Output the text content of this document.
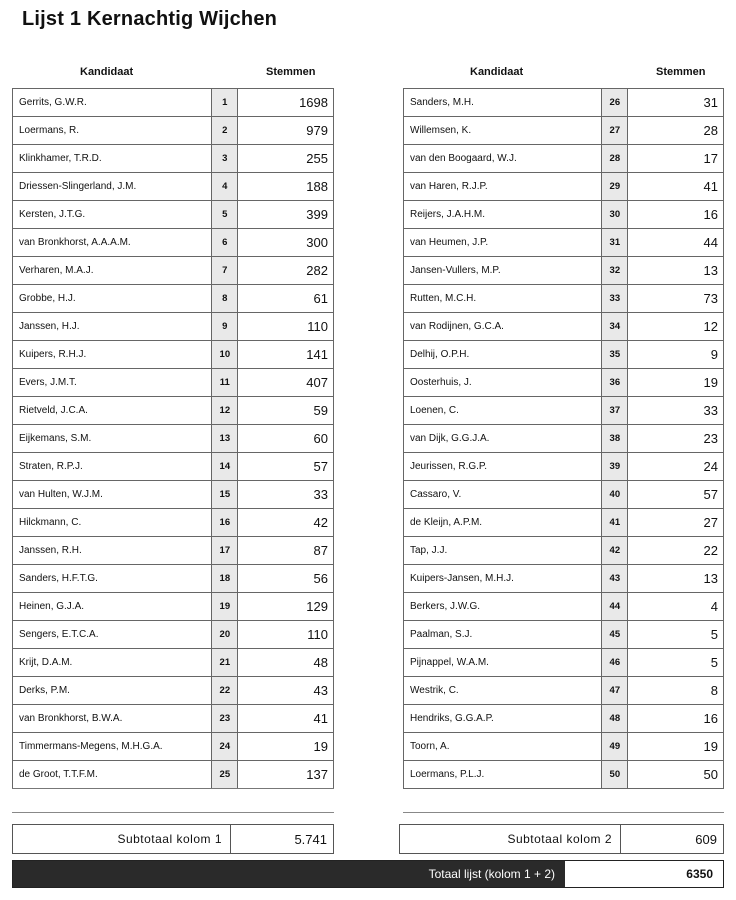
Lijst 1 Kernachtig Wijchen
Kandidaat	Stemmen	Kandidaat	Stemmen
Gerrits, G.W.R.	1	1698
Loermans, R.	2	979
Klinkhamer, T.R.D.	3	255
Driessen-Slingerland, J.M.	4	188
Kersten, J.T.G.	5	399
van Bronkhorst, A.A.A.M.	6	300
Verharen, M.A.J.	7	282
Grobbe, H.J.	8	61
Janssen, H.J.	9	110
Kuipers, R.H.J.	10	141
Evers, J.M.T.	11	407
Rietveld, J.C.A.	12	59
Eijkemans, S.M.	13	60
Straten, R.P.J.	14	57
van Hulten, W.J.M.	15	33
Hilckmann, C.	16	42
Janssen, R.H.	17	87
Sanders, H.F.T.G.	18	56
Heinen, G.J.A.	19	129
Sengers, E.T.C.A.	20	110
Krijt, D.A.M.	21	48
Derks, P.M.	22	43
van Bronkhorst, B.W.A.	23	41
Timmermans-Megens, M.H.G.A.	24	19
de Groot, T.T.F.M.	25	137
Sanders, M.H.	26	31
Willemsen, K.	27	28
van den Boogaard, W.J.	28	17
van Haren, R.J.P.	29	41
Reijers, J.A.H.M.	30	16
van Heumen, J.P.	31	44
Jansen-Vullers, M.P.	32	13
Rutten, M.C.H.	33	73
van Rodijnen, G.C.A.	34	12
Delhij, O.P.H.	35	9
Oosterhuis, J.	36	19
Loenen, C.	37	33
van Dijk, G.G.J.A.	38	23
Jeurissen, R.G.P.	39	24
Cassaro, V.	40	57
de Kleijn, A.P.M.	41	27
Tap, J.J.	42	22
Kuipers-Jansen, M.H.J.	43	13
Berkers, J.W.G.	44	4
Paalman, S.J.	45	5
Pijnappel, W.A.M.	46	5
Westrik, C.	47	8
Hendriks, G.G.A.P.	48	16
Toorn, A.	49	19
Loermans, P.L.J.	50	50
Subtotaal kolom 1	5.741	Subtotaal kolom 2	609
Totaal lijst (kolom 1 + 2)	6350
